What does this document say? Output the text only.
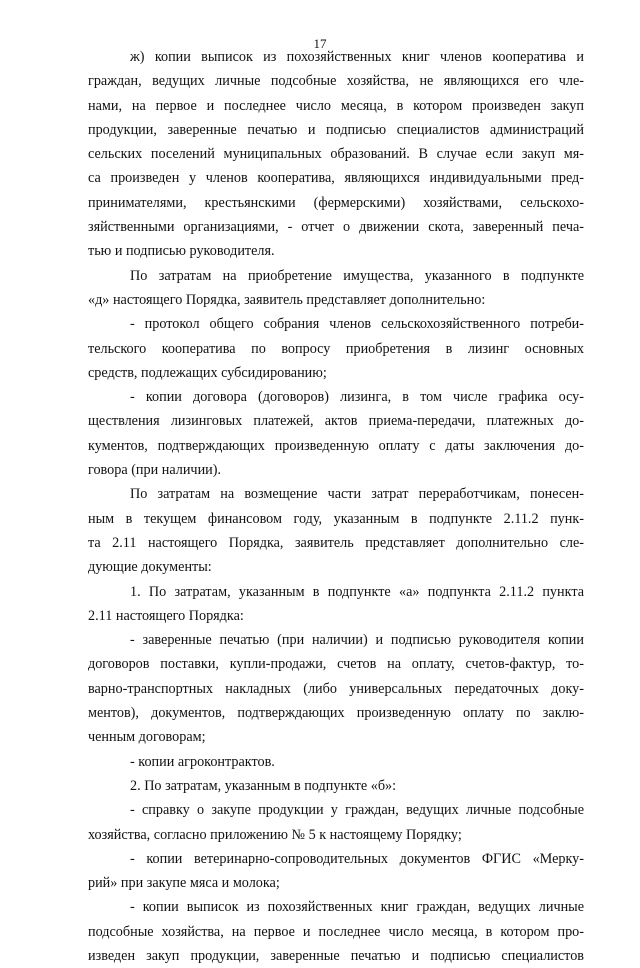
17
ж) копии выписок из похозяйственных книг членов кооператива и
граждан, ведущих личные подсобные хозяйства, не являющихся его чле-
нами, на первое и последнее число месяца, в котором произведен закуп
продукции, заверенные печатью и подписью специалистов администраций
сельских поселений муниципальных образований. В случае если закуп мя-
са произведен у членов кооператива, являющихся индивидуальными пред-
принимателями, крестьянскими (фермерскими) хозяйствами, сельскохо-
зяйственными организациями, - отчет о движении скота, заверенный печа-
тью и подписью руководителя.
По затратам на приобретение имущества, указанного в подпункте
«д» настоящего Порядка, заявитель представляет дополнительно:
- протокол общего собрания членов сельскохозяйственного потреби-
тельского кооператива по вопросу приобретения в лизинг основных
средств, подлежащих субсидированию;
- копии договора (договоров) лизинга, в том числе графика осу-
ществления лизинговых платежей, актов приема-передачи, платежных до-
кументов, подтверждающих произведенную оплату с даты заключения до-
говора (при наличии).
По затратам на возмещение части затрат переработчикам, понесен-
ным в текущем финансовом году, указанным в подпункте 2.11.2 пунк-
та 2.11 настоящего Порядка, заявитель представляет дополнительно сле-
дующие документы:
1. По затратам, указанным в подпункте «а» подпункта 2.11.2 пункта
2.11 настоящего Порядка:
- заверенные печатью (при наличии) и подписью руководителя копии
договоров поставки, купли-продажи, счетов на оплату, счетов-фактур, то-
варно-транспортных накладных (либо универсальных передаточных доку-
ментов), документов, подтверждающих произведенную оплату по заклю-
ченным договорам;
- копии агроконтрактов.
2. По затратам, указанным в подпункте «б»:
- справку о закупе продукции у граждан, ведущих личные подсобные
хозяйства, согласно приложению № 5 к настоящему Порядку;
- копии ветеринарно-сопроводительных документов ФГИС «Мерку-
рий» при закупе мяса и молока;
- копии выписок из похозяйственных книг граждан, ведущих личные
подсобные хозяйства, на первое и последнее число месяца, в котором про-
изведен закуп продукции, заверенные печатью и подписью специалистов
